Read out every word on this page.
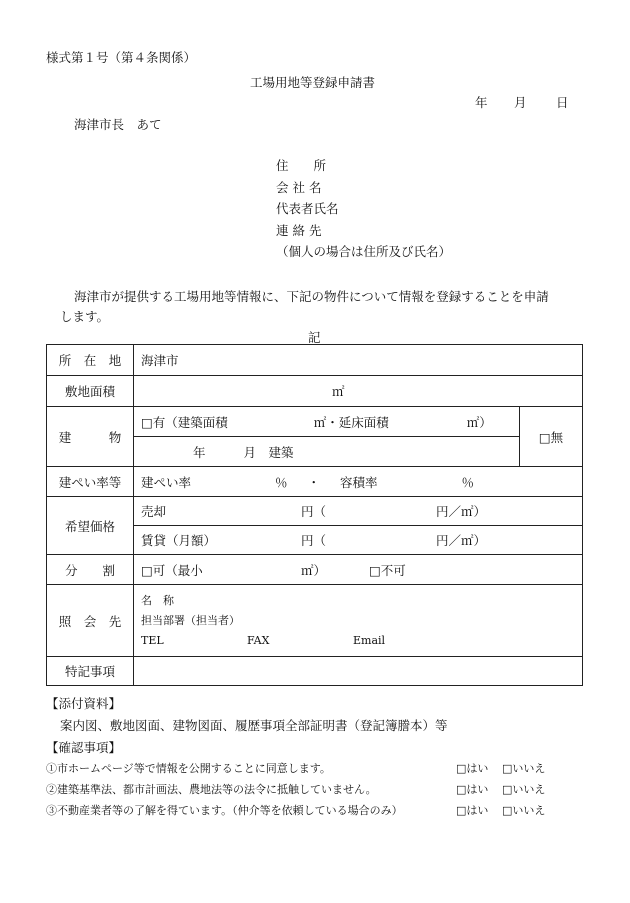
様式第１号（第４条関係）
工場用地等登録申請書
年 月 日
海津市長　あて
住　　所
会 社 名
代表者氏名
連 絡 先
（個人の場合は住所及び氏名）
海津市が提供する工場用地等情報に、下記の物件について情報を登録することを申請
します。
記
所　在　地	海津市	
敷地面積	㎡	
建　　　物	□有（建築面積 ㎡・延床面積 ㎡）	□無
	年 月　建築	
建ぺい率等	建ぺい率 ％ ・ 容積率 ％	
希望価格	売却 円（ 円／㎡）	
	賃貸（月額） 円（ 円／㎡）	
分　　割	□可（最小 ㎡） □不可	
照　会　先	名　称
担当部署（担当者）
TEL FAX Email	

特記事項		
【添付資料】
案内図、敷地図面、建物図面、履歴事項全部証明書（登記簿謄本）等
【確認事項】
①市ホームページ等で情報を公開することに同意します。	□はい □いいえ
②建築基準法、都市計画法、農地法等の法令に抵触していません。	□はい □いいえ
③不動産業者等の了解を得ています。（仲介等を依頼している場合のみ）	□はい □いいえ
